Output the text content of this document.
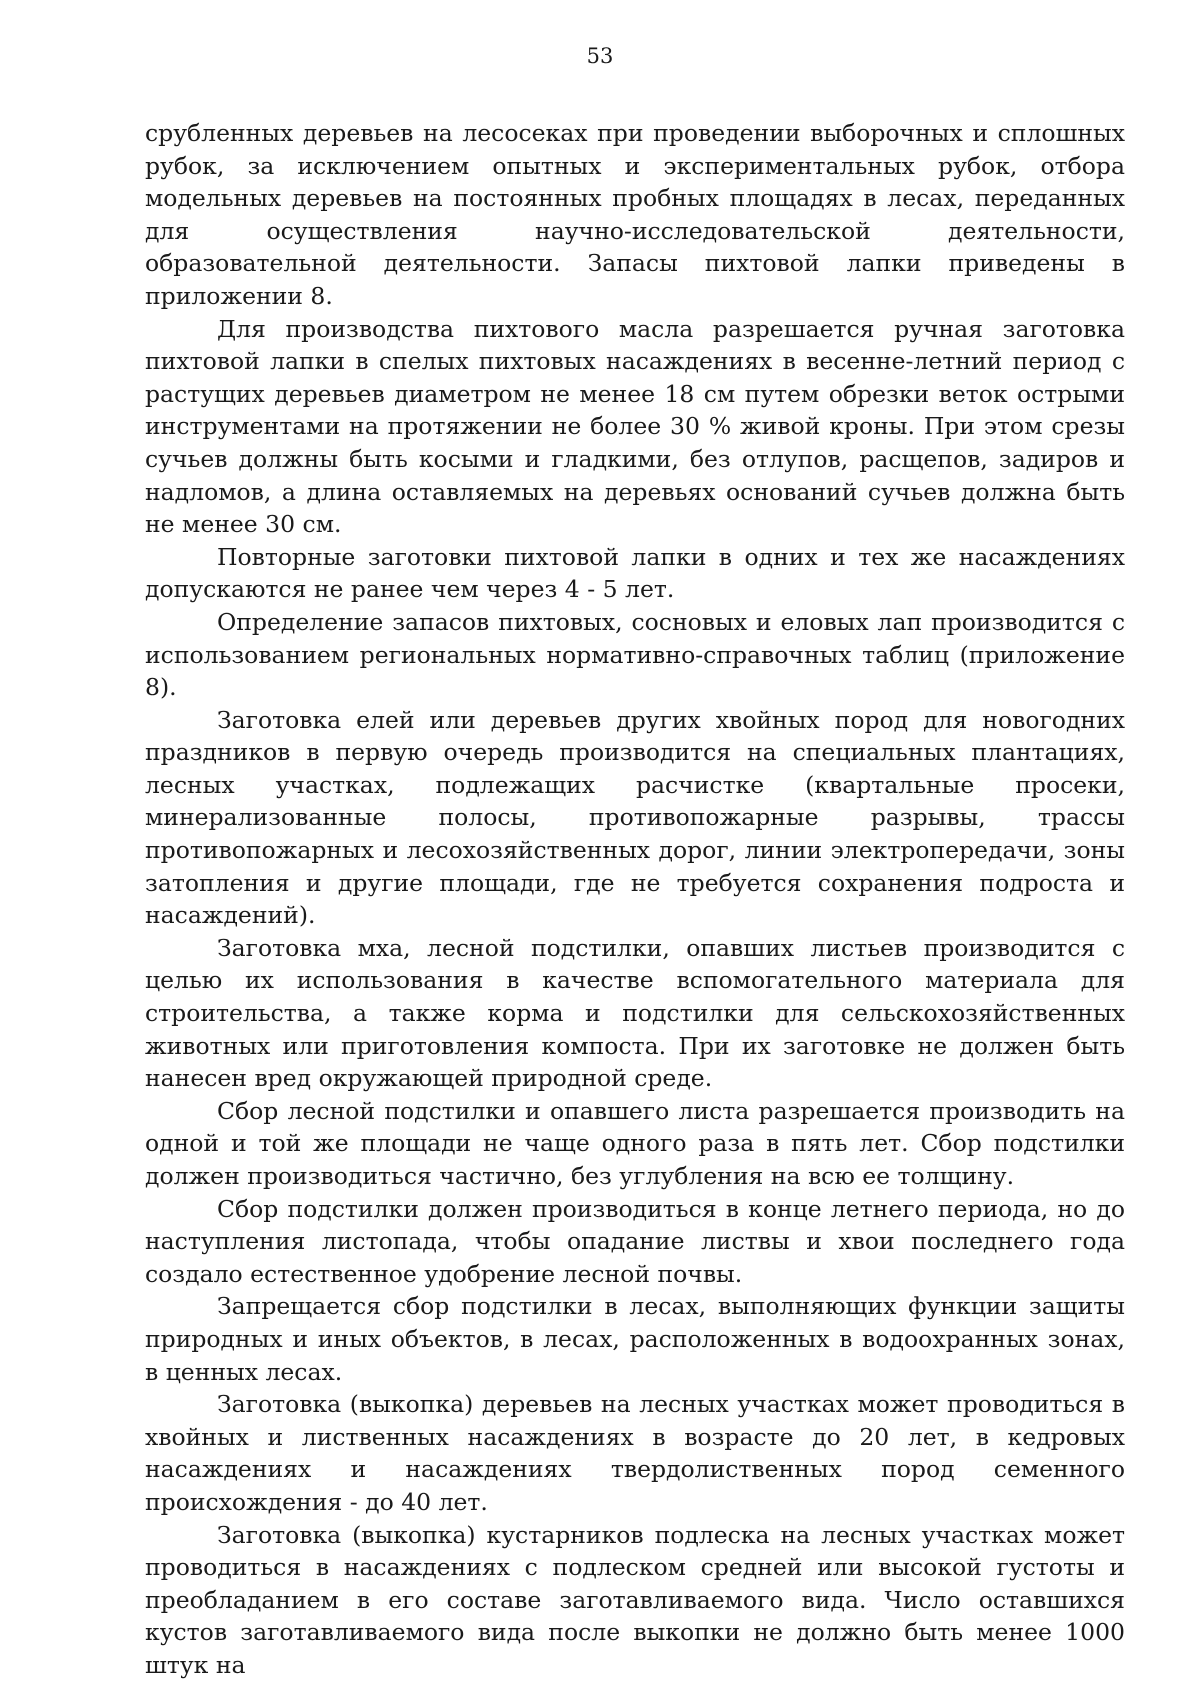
53

срубленных деревьев на лесосеках при проведении выборочных и сплошных рубок, за исключением опытных и экспериментальных рубок, отбора модельных деревьев на постоянных пробных площадях в лесах, переданных для осуществления научно-исследовательской деятельности, образовательной деятельности. Запасы пихтовой лапки приведены в приложении 8.

Для производства пихтового масла разрешается ручная заготовка пихтовой лапки в спелых пихтовых насаждениях в весенне-летний период с растущих деревьев диаметром не менее 18 см путем обрезки веток острыми инструментами на протяжении не более 30 % живой кроны. При этом срезы сучьев должны быть косыми и гладкими, без отлупов, расщепов, задиров и надломов, а длина оставляемых на деревьях оснований сучьев должна быть не менее 30 см.

Повторные заготовки пихтовой лапки в одних и тех же насаждениях допускаются не ранее чем через 4 - 5 лет.

Определение запасов пихтовых, сосновых и еловых лап производится с использованием региональных нормативно-справочных таблиц (приложение 8).

Заготовка елей или деревьев других хвойных пород для новогодних праздников в первую очередь производится на специальных плантациях, лесных участках, подлежащих расчистке (квартальные просеки, минерализованные полосы, противопожарные разрывы, трассы противопожарных и лесохозяйственных дорог, линии электропередачи, зоны затопления и другие площади, где не требуется сохранения подроста и насаждений).

Заготовка мха, лесной подстилки, опавших листьев производится с целью их использования в качестве вспомогательного материала для строительства, а также корма и подстилки для сельскохозяйственных животных или приготовления компоста. При их заготовке не должен быть нанесен вред окружающей природной среде.

Сбор лесной подстилки и опавшего листа разрешается производить на одной и той же площади не чаще одного раза в пять лет. Сбор подстилки должен производиться частично, без углубления на всю ее толщину.

Сбор подстилки должен производиться в конце летнего периода, но до наступления листопада, чтобы опадание листвы и хвои последнего года создало естественное удобрение лесной почвы.

Запрещается сбор подстилки в лесах, выполняющих функции защиты природных и иных объектов, в лесах, расположенных в водоохранных зонах, в ценных лесах.

Заготовка (выкопка) деревьев на лесных участках может проводиться в хвойных и лиственных насаждениях в возрасте до 20 лет, в кедровых насаждениях и насаждениях твердолиственных пород семенного происхождения - до 40 лет.

Заготовка (выкопка) кустарников подлеска на лесных участках может проводиться в насаждениях с подлеском средней или высокой густоты и преобладанием в его составе заготавливаемого вида. Число оставшихся кустов заготавливаемого вида после выкопки не должно быть менее 1000 штук на
